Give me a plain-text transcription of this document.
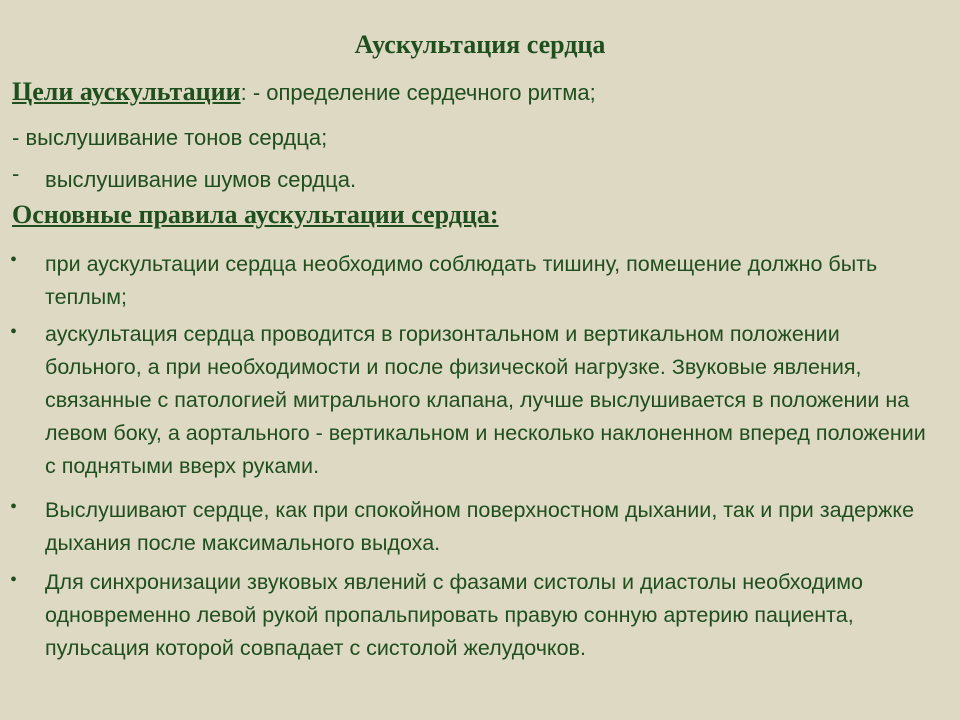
Аускультация сердца
Цели аускультации: - определение сердечного ритма;
- выслушивание тонов сердца;
- выслушивание шумов сердца.
Основные правила аускультации сердца:
• при аускультации сердца необходимо соблюдать тишину, помещение должно быть теплым;
• аускультация сердца проводится в горизонтальном и вертикальном положении больного, а при необходимости и после физической нагрузке. Звуковые явления, связанные с патологией митрального клапана, лучше выслушивается в положении на левом боку, а аортального - вертикальном и несколько наклоненном вперед положении с поднятыми вверх руками.
• Выслушивают сердце, как при спокойном поверхностном дыхании, так и при задержке дыхания после максимального выдоха.
• Для синхронизации звуковых явлений с фазами систолы и диастолы необходимо одновременно левой рукой пропальпировать правую сонную артерию пациента, пульсация которой совпадает с систолой желудочков.
